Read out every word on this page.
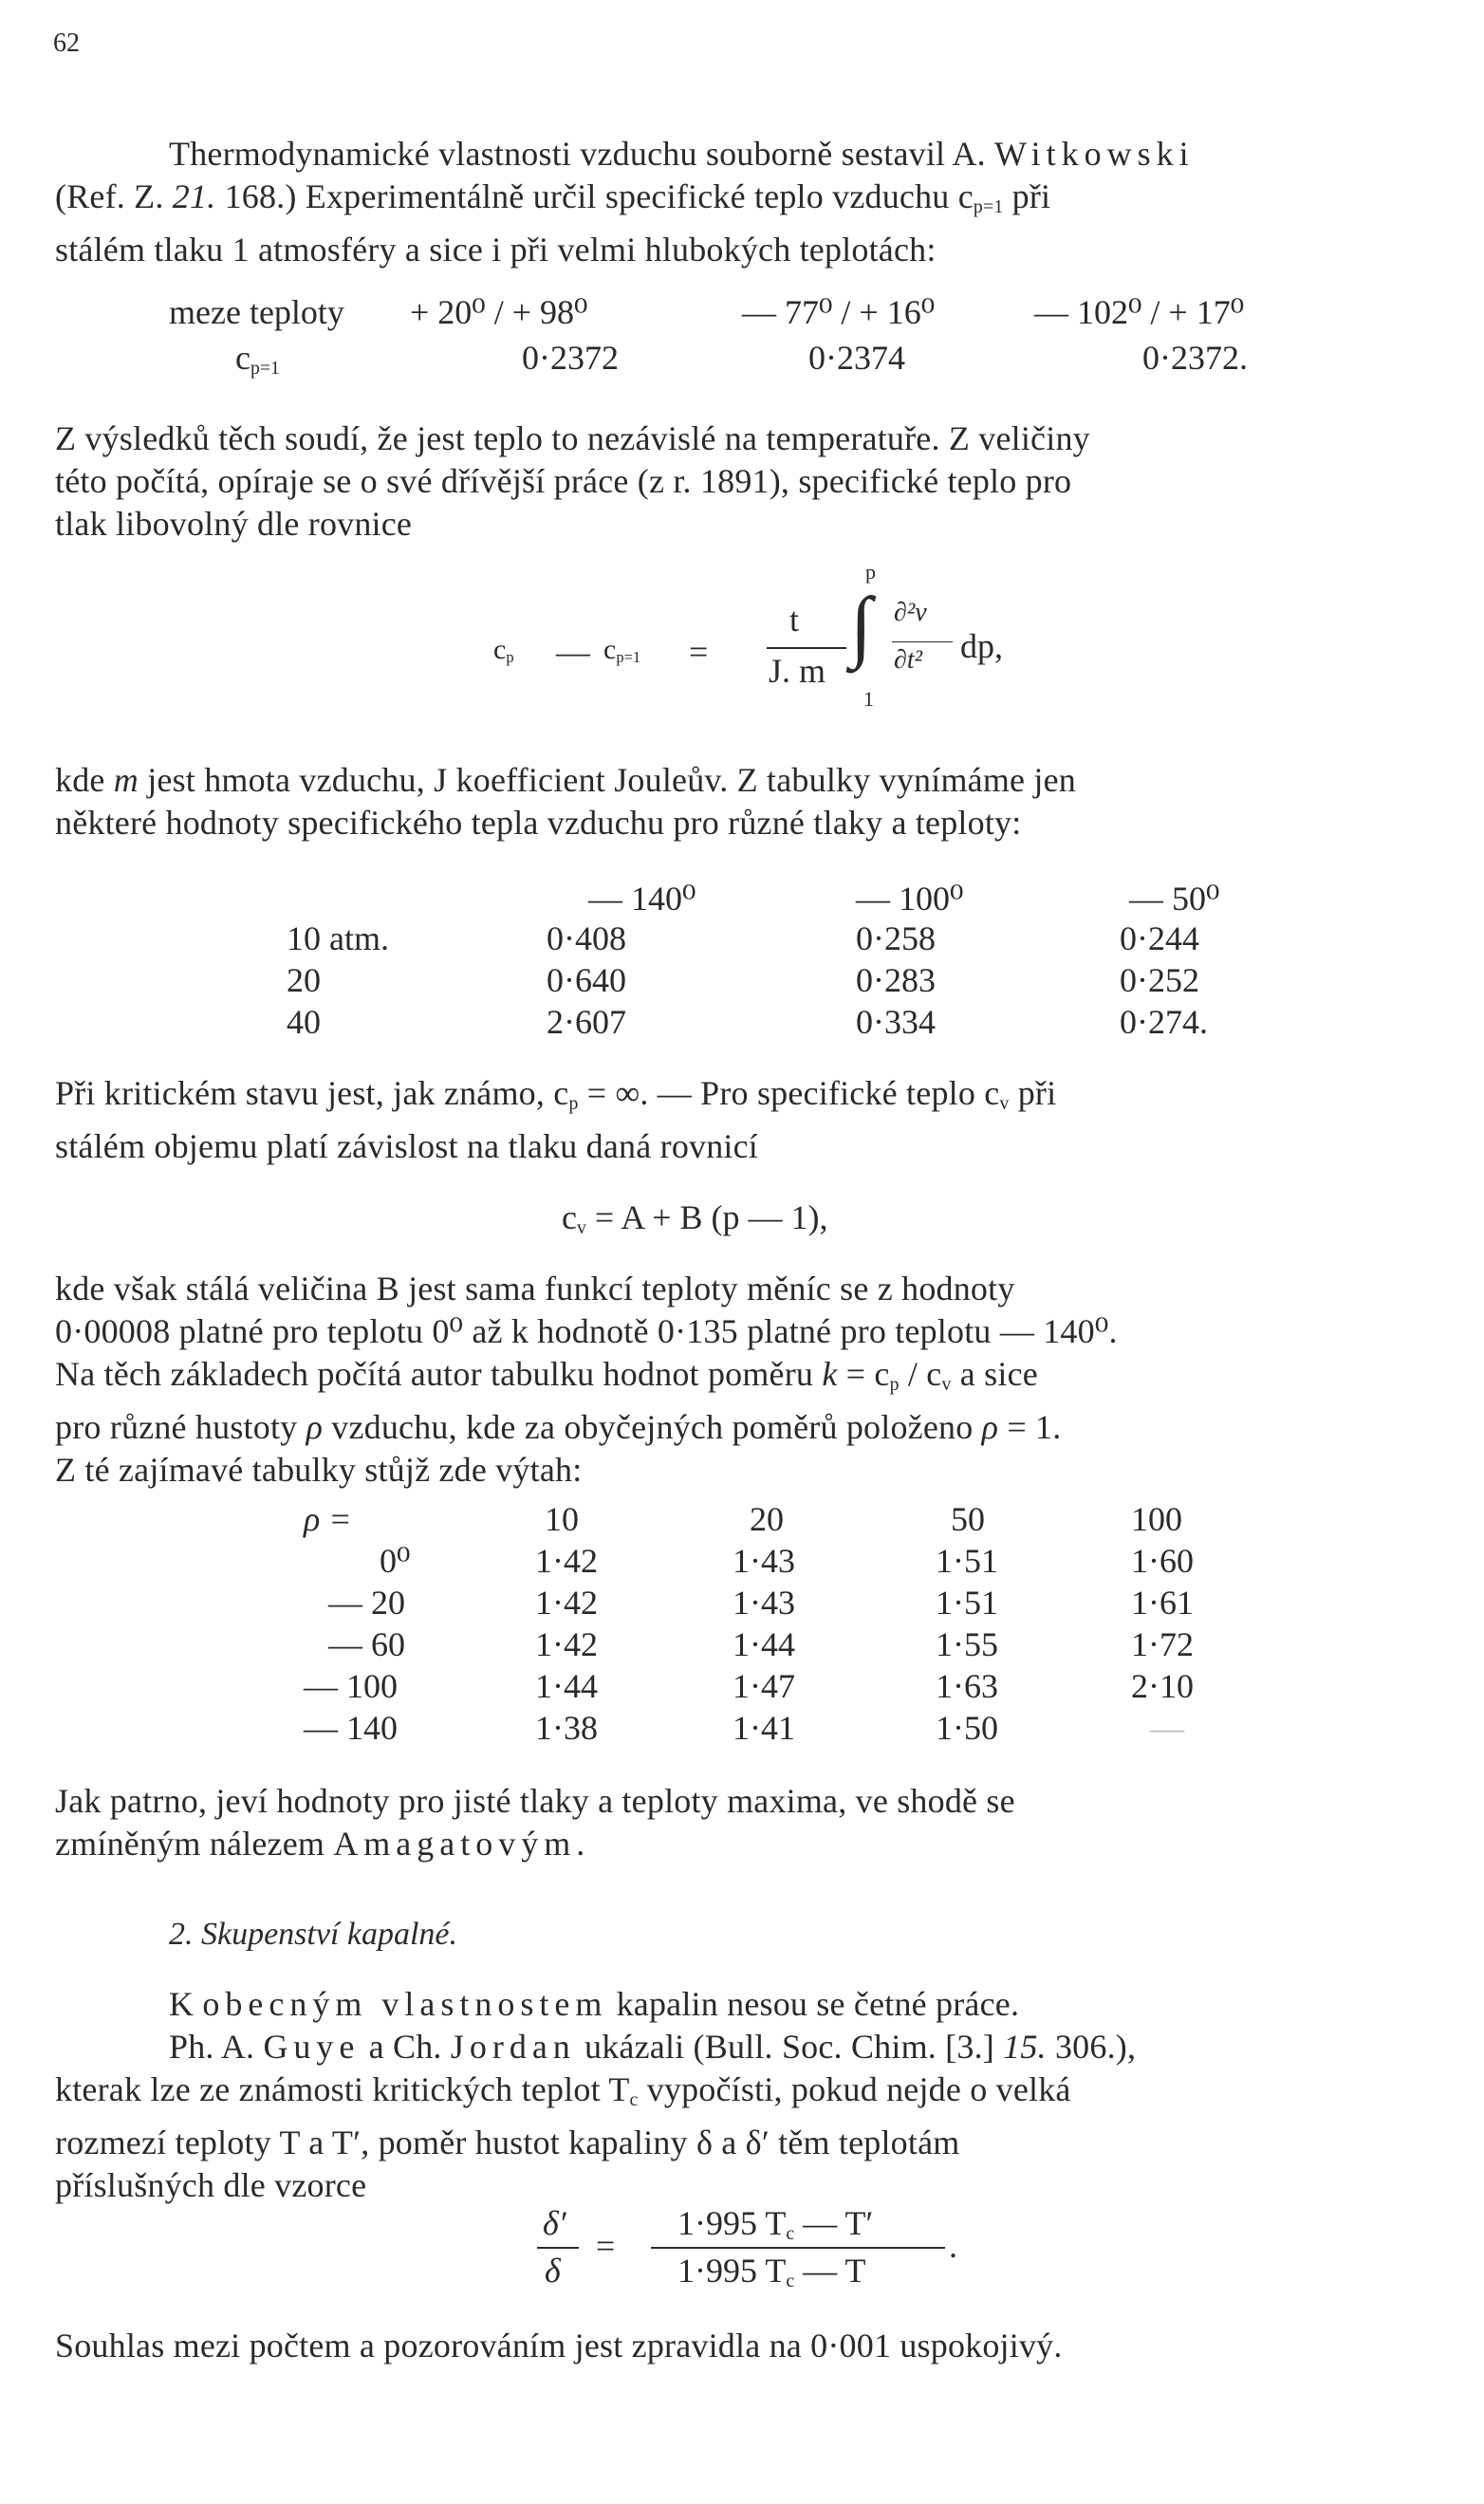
62

Thermodynamické vlastnosti vzduchu souborně sestavil A. Witkowski
(Ref. Z. 21. 168.) Experimentálně určil specifické teplo vzduchu $c_{p=1}$ při
stálém tlaku 1 atmosféry a sice i při velmi hlubokých teplotách:

meze teploty + 20⁰ / + 98⁰	— 77⁰ / + 16⁰	— 102⁰ / + 17⁰
$c_{p=1}$	0·2372	0·2374	0·2372.

Z výsledků těch soudí, že jest teplo to nezávislé na temperatuře. Z veličiny
této počítá, opíraje se o své dřívější práce (z r. 1891), specifické teplo pro
tlak libovolný dle rovnice

$c_p$ — $c_{p=1}$ =
t
J. m
p
∫
1
∂²v
∂t² dp,

kde m jest hmota vzduchu, J koefficient Jouleův. Z tabulky vynímáme jen
některé hodnoty specifického tepla vzduchu pro různé tlaky a teploty:

— 140⁰	— 100⁰	— 50⁰
10 atm.	0·408	0·258	0·244
20	0·640	0·283	0·252
40	2·607	0·334	0·274.

Při kritickém stavu jest, jak známo, $c_p$ = ∞. — Pro specifické teplo $c_v$ při
stálém objemu platí závislost na tlaku daná rovnicí

$c_v = A + B$ (p — 1),

kde však stálá veličina B jest sama funkcí teploty měníc se z hodnoty
0·00008 platné pro teplotu 0⁰ až k hodnotě 0·135 platné pro teplotu — 140⁰.
Na těch základech počítá autor tabulku hodnot poměru $k = c_p / c_v$ a sice
pro různé hustoty ρ vzduchu, kde za obyčejných poměrů položeno ρ = 1.
Z té zajímavé tabulky stůjž zde výtah:

ρ =	10	20	50	100
0⁰	1·42	1·43	1·51	1·60
— 20	1·42	1·43	1·51	1·61
— 60	1·42	1·44	1·55	1·72
— 100	1·44	1·47	1·63	2·10
— 140	1·38	1·41	1·50	—

Jak patrno, jeví hodnoty pro jisté tlaky a teploty maxima, ve shodě se
zmíněným nálezem Amagatovým.

2. Skupenství kapalné.

K obecným vlastnostem kapalin nesou se četné práce.
Ph. A. Guye a Ch. Jordan ukázali (Bull. Soc. Chim. [3.] 15. 306.),
kterak lze ze známosti kritických teplot $T_c$ vypočísti, pokud nejde o velká
rozmezí teploty T a T′, poměr hustot kapaliny δ a δ′ těm teplotám
příslušných dle vzorce

δ′
δ
=
1·995 $T_c$ — T′
1·995 $T_c$ — T
.

Souhlas mezi počtem a pozorováním jest zpravidla na 0·001 uspokojivý.
